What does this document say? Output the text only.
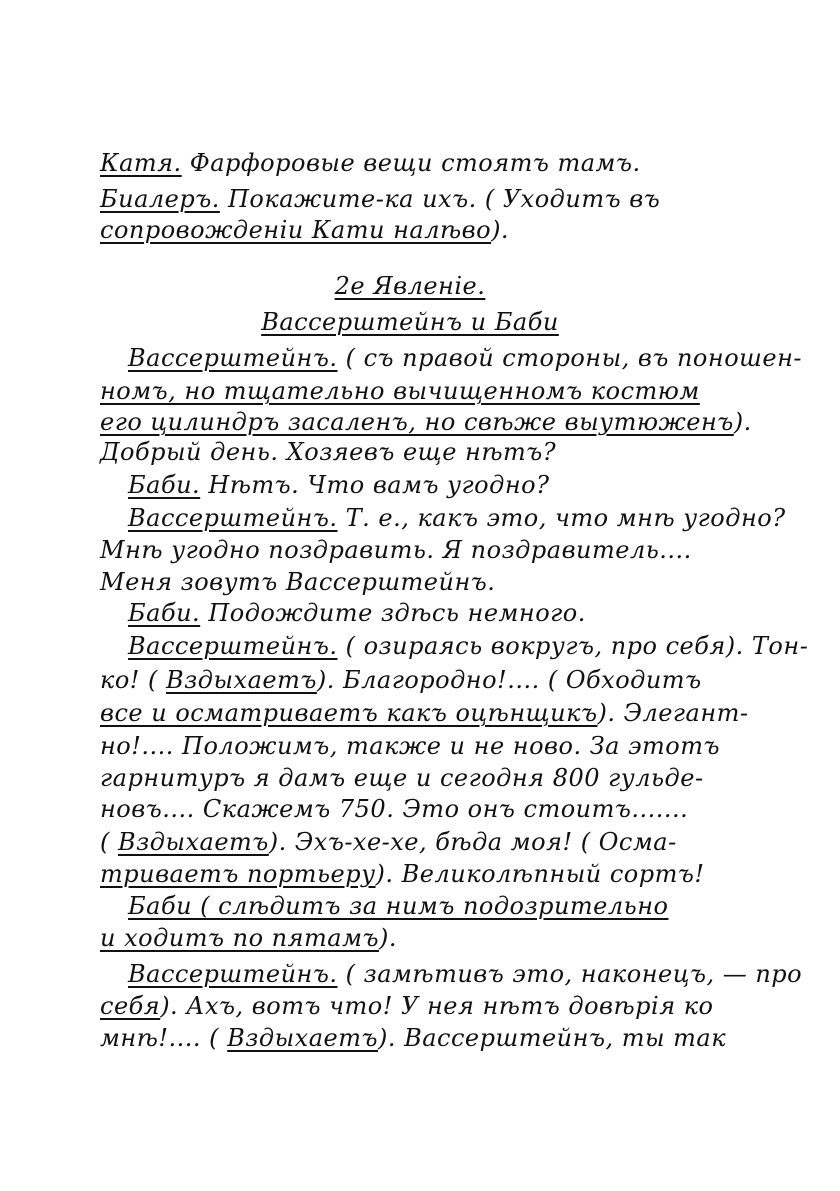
Катя. Фарфоровые вещи стоятъ тамъ.
Биалеръ. Покажите-ка ихъ. ( Уходитъ въ
сопровожденіи Кати налѣво).
2е Явленіе.
Вассерштейнъ и Баби
Вассерштейнъ. ( съ правой стороны, въ поношен-
номъ, но тщательно вычищенномъ костюм
его цилиндръ засаленъ, но свѣже выутюженъ).
Добрый день. Хозяевъ еще нѣтъ?
Баби. Нѣтъ. Что вамъ угодно?
Вассерштейнъ. Т. е., какъ это, что мнѣ угодно?
Мнѣ угодно поздравить. Я поздравитель....
Меня зовутъ Вассерштейнъ.
Баби. Подождите здѣсь немного.
Вассерштейнъ. ( озираясь вокругъ, про себя). Тон-
ко! ( Вздыхаетъ). Благородно!.... ( Обходитъ
все и осматриваетъ какъ оцѣнщикъ). Элегант-
но!.... Положимъ, также и не ново. За этотъ
гарнитуръ я дамъ еще и сегодня 800 гульде-
новъ.... Скажемъ 750. Это онъ стоитъ.......
( Вздыхаетъ). Эхъ-хе-хе, бѣда моя! ( Осма-
триваетъ портьеру). Великолѣпный сортъ!
Баби ( слѣдитъ за нимъ подозрительно
и ходитъ по пятамъ).
Вассерштейнъ. ( замѣтивъ это, наконецъ, — про
себя). Ахъ, вотъ что! У нея нѣтъ довѣрія ко
мнѣ!.... ( Вздыхаетъ). Вассерштейнъ, ты так
